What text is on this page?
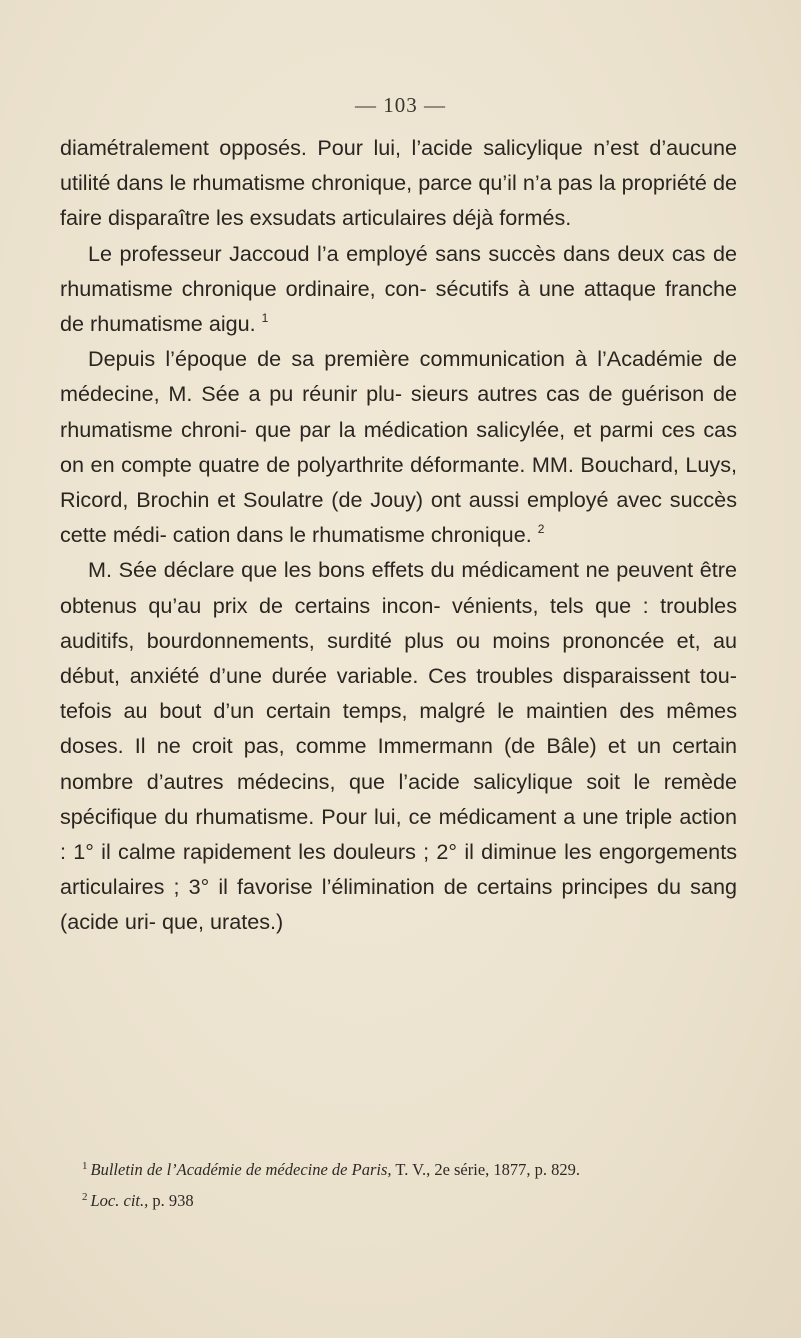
— 103 —

diamétralement opposés. Pour lui, l’acide salicylique n’est d’aucune utilité dans le rhumatisme chronique, parce qu’il n’a pas la propriété de faire disparaître les exsudats articulaires déjà formés.

Le professeur Jaccoud l’a employé sans succès dans deux cas de rhumatisme chronique ordinaire, con- sécutifs à une attaque franche de rhumatisme aigu. $^1$

Depuis l’époque de sa première communication à l’Académie de médecine, M. Sée a pu réunir plu- sieurs autres cas de guérison de rhumatisme chroni- que par la médication salicylée, et parmi ces cas on en compte quatre de polyarthrite déformante. MM. Bouchard, Luys, Ricord, Brochin et Soulatre (de Jouy) ont aussi employé avec succès cette médi- cation dans le rhumatisme chronique. $^2$

M. Sée déclare que les bons effets du médicament ne peuvent être obtenus qu’au prix de certains incon- vénients, tels que : troubles auditifs, bourdonnements, surdité plus ou moins prononcée et, au début, anxiété d’une durée variable. Ces troubles disparaissent tou- tefois au bout d’un certain temps, malgré le maintien des mêmes doses. Il ne croit pas, comme Immermann (de Bâle) et un certain nombre d’autres médecins, que l’acide salicylique soit le remède spécifique du rhumatisme. Pour lui, ce médicament a une triple action : 1° il calme rapidement les douleurs ; 2° il diminue les engorgements articulaires ; 3° il favorise l’élimination de certains principes du sang (acide uri- que, urates.)

$^1$ Bulletin de l’Académie de médecine de Paris, T. V., 2e série, 1877, p. 829.

$^2$ Loc. cit., p. 938
